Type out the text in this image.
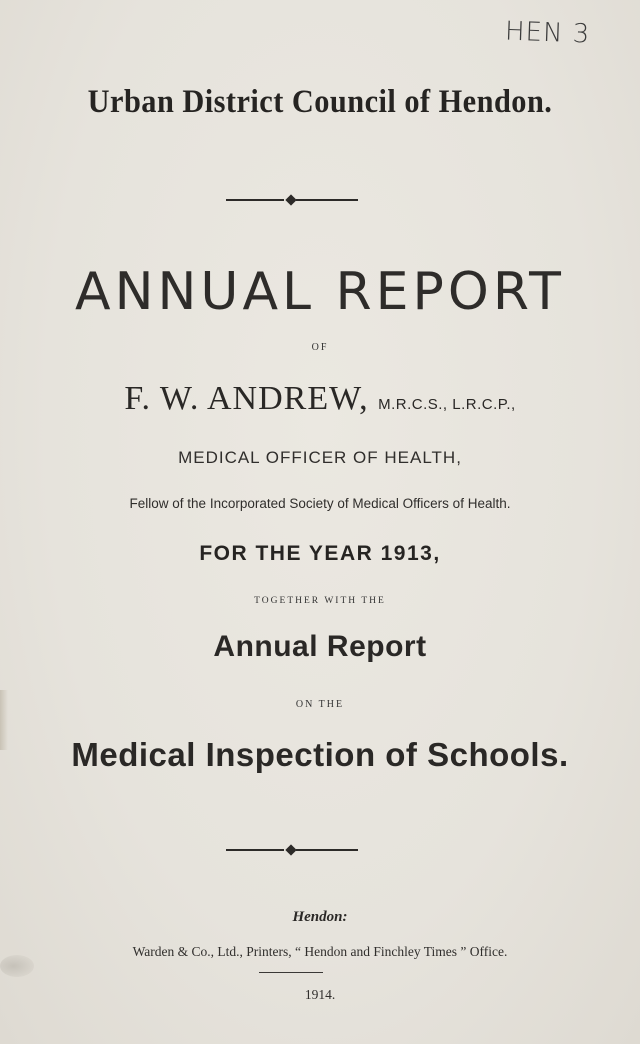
HEN 3
Urban District Council of Hendon.
ANNUAL REPORT
OF
F. W. ANDREW, M.R.C.S., L.R.C.P.,
MEDICAL OFFICER OF HEALTH,
Fellow of the Incorporated Society of Medical Officers of Health.
FOR THE YEAR 1913,
TOGETHER WITH THE
Annual Report
ON THE
Medical Inspection of Schools.
Hendon:
Warden & Co., Ltd., Printers, “ Hendon and Finchley Times ” Office.
1914.
